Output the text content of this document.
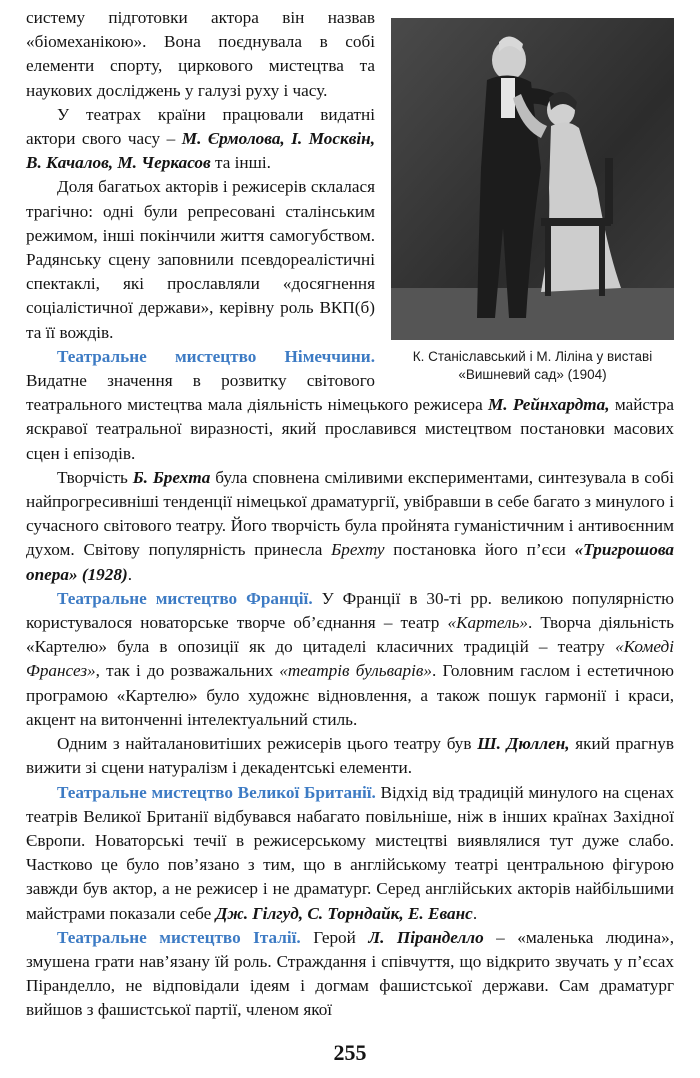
К. Станіславський і М. Ліліна у виставі
«Вишневий сад» (1904)

систему підготовки актора він назвав «біомеханікою». Вона поєднувала в собі елементи спорту, циркового мистецтва та наукових досліджень у галузі руху і часу.

У театрах країни працювали видатні актори свого часу – М. Єрмолова, І. Москвін, В. Качалов, М. Черкасов та інші.

Доля багатьох акторів і режисерів склалася трагічно: одні були репресовані сталінським режимом, інші покінчили життя самогубством. Радянську сцену заповнили псевдореалістичні спектаклі, які прославляли «досягнення соціалістичної держави», керівну роль ВКП(б) та її вождів.

Театральне мистецтво Німеччини. Видатне значення в розвитку світового театрального мистецтва мала діяльність німецького режисера М. Рейнхардта, майстра яскравої театральної виразності, який прославився мистецтвом постановки масових сцен і епізодів.

Творчість Б. Брехта була сповнена сміливими експериментами, синтезувала в собі найпрогресивніші тенденції німецької драматургії, увібравши в себе багато з минулого і сучасного світового театру. Його творчість була пройнята гуманістичним і антивоєнним духом. Світову популярність принесла Брехту постановка його п’єси «Тригрошова опера» (1928).

Театральне мистецтво Франції. У Франції в 30-ті рр. великою популярністю користувалося новаторське творче об’єднання – театр «Картель». Творча діяльність «Картелю» була в опозиції як до цитаделі класичних традицій – театру «Комеді Франсез», так і до розважальних «театрів бульварів». Головним гаслом і естетичною програмою «Картелю» було художнє відновлення, а також пошук гармонії і краси, акцент на витонченні інтелектуальний стиль.

Одним з найталановитіших режисерів цього театру був Ш. Дюллен, який прагнув вижити зі сцени натуралізм і декадентські елементи.

Театральне мистецтво Великої Британії. Відхід від традицій минулого на сценах театрів Великої Британії відбувався набагато повільніше, ніж в інших країнах Західної Європи. Новаторські течії в режисерському мистецтві виявлялися тут дуже слабо. Частково це було пов’язано з тим, що в англійському театрі центральною фігурою завжди був актор, а не режисер і не драматург. Серед англійських акторів найбільшими майстрами показали себе Дж. Гілгуд, С. Торндайк, Е. Еванс.

Театральне мистецтво Італії. Герой Л. Піранделло – «маленька людина», змушена грати нав’язану їй роль. Страждання і співчуття, що відкрито звучать у п’єсах Піранделло, не відповідали ідеям і догмам фашистської держави. Сам драматург вийшов з фашистської партії, членом якої

255
